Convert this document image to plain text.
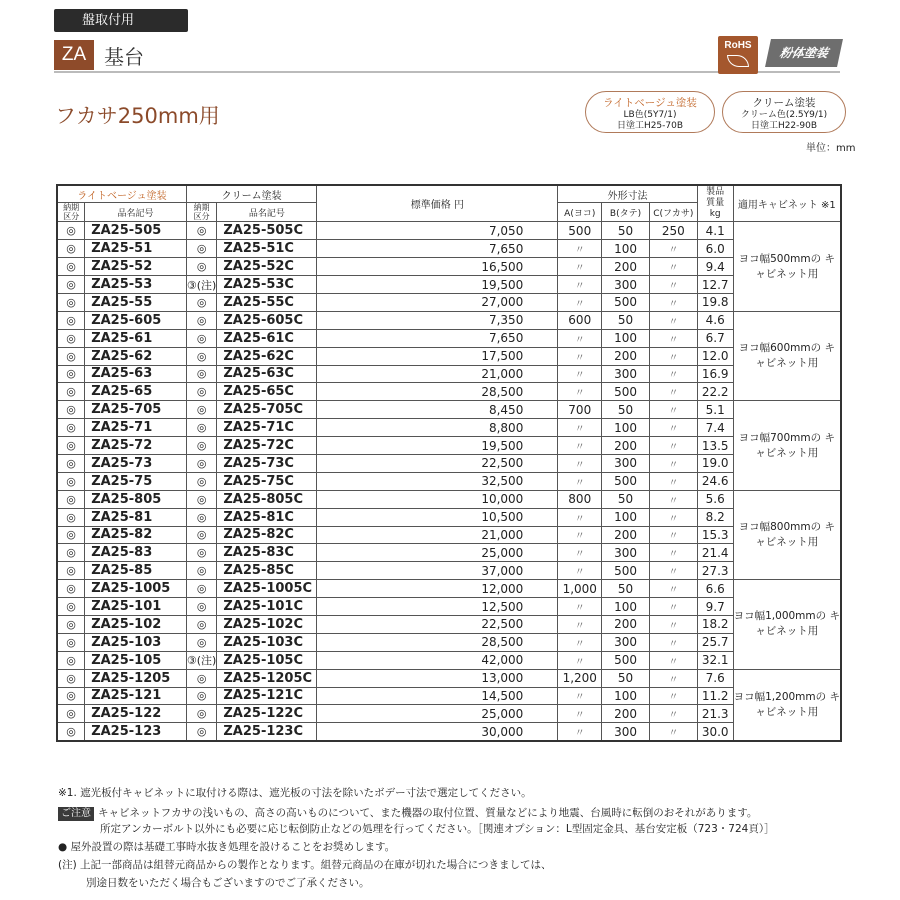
盤取付用
ZA 基台	RoHS
粉体塗装
フカサ250mm用
ライトベージュ塗装
LB色(5Y7/1)
日塗工H25-70B
クリーム塗装
クリーム色(2.5Y9/1)
日塗工H22-90B
単位：mm
ライトベージュ塗装		クリーム塗装		標準価格 円	外形寸法			製品
質量
kg	適用キャビネット ※1
納期
区分	品名記号	納期
区分	品名記号		A(ヨコ)	B(タテ)	C(フカサ)		
◎	ZA25-505	◎	ZA25-505C	7,050	500	50	250	4.1	ヨコ幅500mmの キャビネット用
◎	ZA25-51	◎	ZA25-51C	7,650	〃	100	〃	6.0	
◎	ZA25-52	◎	ZA25-52C	16,500	〃	200	〃	9.4	
◎	ZA25-53	③(注)	ZA25-53C	19,500	〃	300	〃	12.7	
◎	ZA25-55	◎	ZA25-55C	27,000	〃	500	〃	19.8	
◎	ZA25-605	◎	ZA25-605C	7,350	600	50	〃	4.6	ヨコ幅600mmの キャビネット用
◎	ZA25-61	◎	ZA25-61C	7,650	〃	100	〃	6.7	
◎	ZA25-62	◎	ZA25-62C	17,500	〃	200	〃	12.0	
◎	ZA25-63	◎	ZA25-63C	21,000	〃	300	〃	16.9	
◎	ZA25-65	◎	ZA25-65C	28,500	〃	500	〃	22.2	
◎	ZA25-705	◎	ZA25-705C	8,450	700	50	〃	5.1	ヨコ幅700mmの キャビネット用
◎	ZA25-71	◎	ZA25-71C	8,800	〃	100	〃	7.4	
◎	ZA25-72	◎	ZA25-72C	19,500	〃	200	〃	13.5	
◎	ZA25-73	◎	ZA25-73C	22,500	〃	300	〃	19.0	
◎	ZA25-75	◎	ZA25-75C	32,500	〃	500	〃	24.6	
◎	ZA25-805	◎	ZA25-805C	10,000	800	50	〃	5.6	ヨコ幅800mmの キャビネット用
◎	ZA25-81	◎	ZA25-81C	10,500	〃	100	〃	8.2	
◎	ZA25-82	◎	ZA25-82C	21,000	〃	200	〃	15.3	
◎	ZA25-83	◎	ZA25-83C	25,000	〃	300	〃	21.4	
◎	ZA25-85	◎	ZA25-85C	37,000	〃	500	〃	27.3	
◎	ZA25-1005	◎	ZA25-1005C	12,000	1,000	50	〃	6.6	ヨコ幅1,000mmの キャビネット用
◎	ZA25-101	◎	ZA25-101C	12,500	〃	100	〃	9.7	
◎	ZA25-102	◎	ZA25-102C	22,500	〃	200	〃	18.2	
◎	ZA25-103	◎	ZA25-103C	28,500	〃	300	〃	25.7	
◎	ZA25-105	③(注)	ZA25-105C	42,000	〃	500	〃	32.1	
◎	ZA25-1205	◎	ZA25-1205C	13,000	1,200	50	〃	7.6	ヨコ幅1,200mmの キャビネット用
◎	ZA25-121	◎	ZA25-121C	14,500	〃	100	〃	11.2	
◎	ZA25-122	◎	ZA25-122C	25,000	〃	200	〃	21.3	
◎	ZA25-123	◎	ZA25-123C	30,000	〃	300	〃	30.0	
※1. 遮光板付キャビネットに取付ける際は、遮光板の寸法を除いたボデー寸法で選定してください。
ご注意 キャビネットフカサの浅いもの、高さの高いものについて、また機器の取付位置、質量などにより地震、台風時に転倒のおそれがあります。
所定アンカーボルト以外にも必要に応じ転倒防止などの処理を行ってください。［関連オプション：L型固定金具、基台安定板（723・724頁）］
● 屋外設置の際は基礎工事時水抜き処理を設けることをお奨めします。
(注) 上記一部商品は組替元商品からの製作となります。組替元商品の在庫が切れた場合につきましては、
別途日数をいただく場合もございますのでご了承ください。
